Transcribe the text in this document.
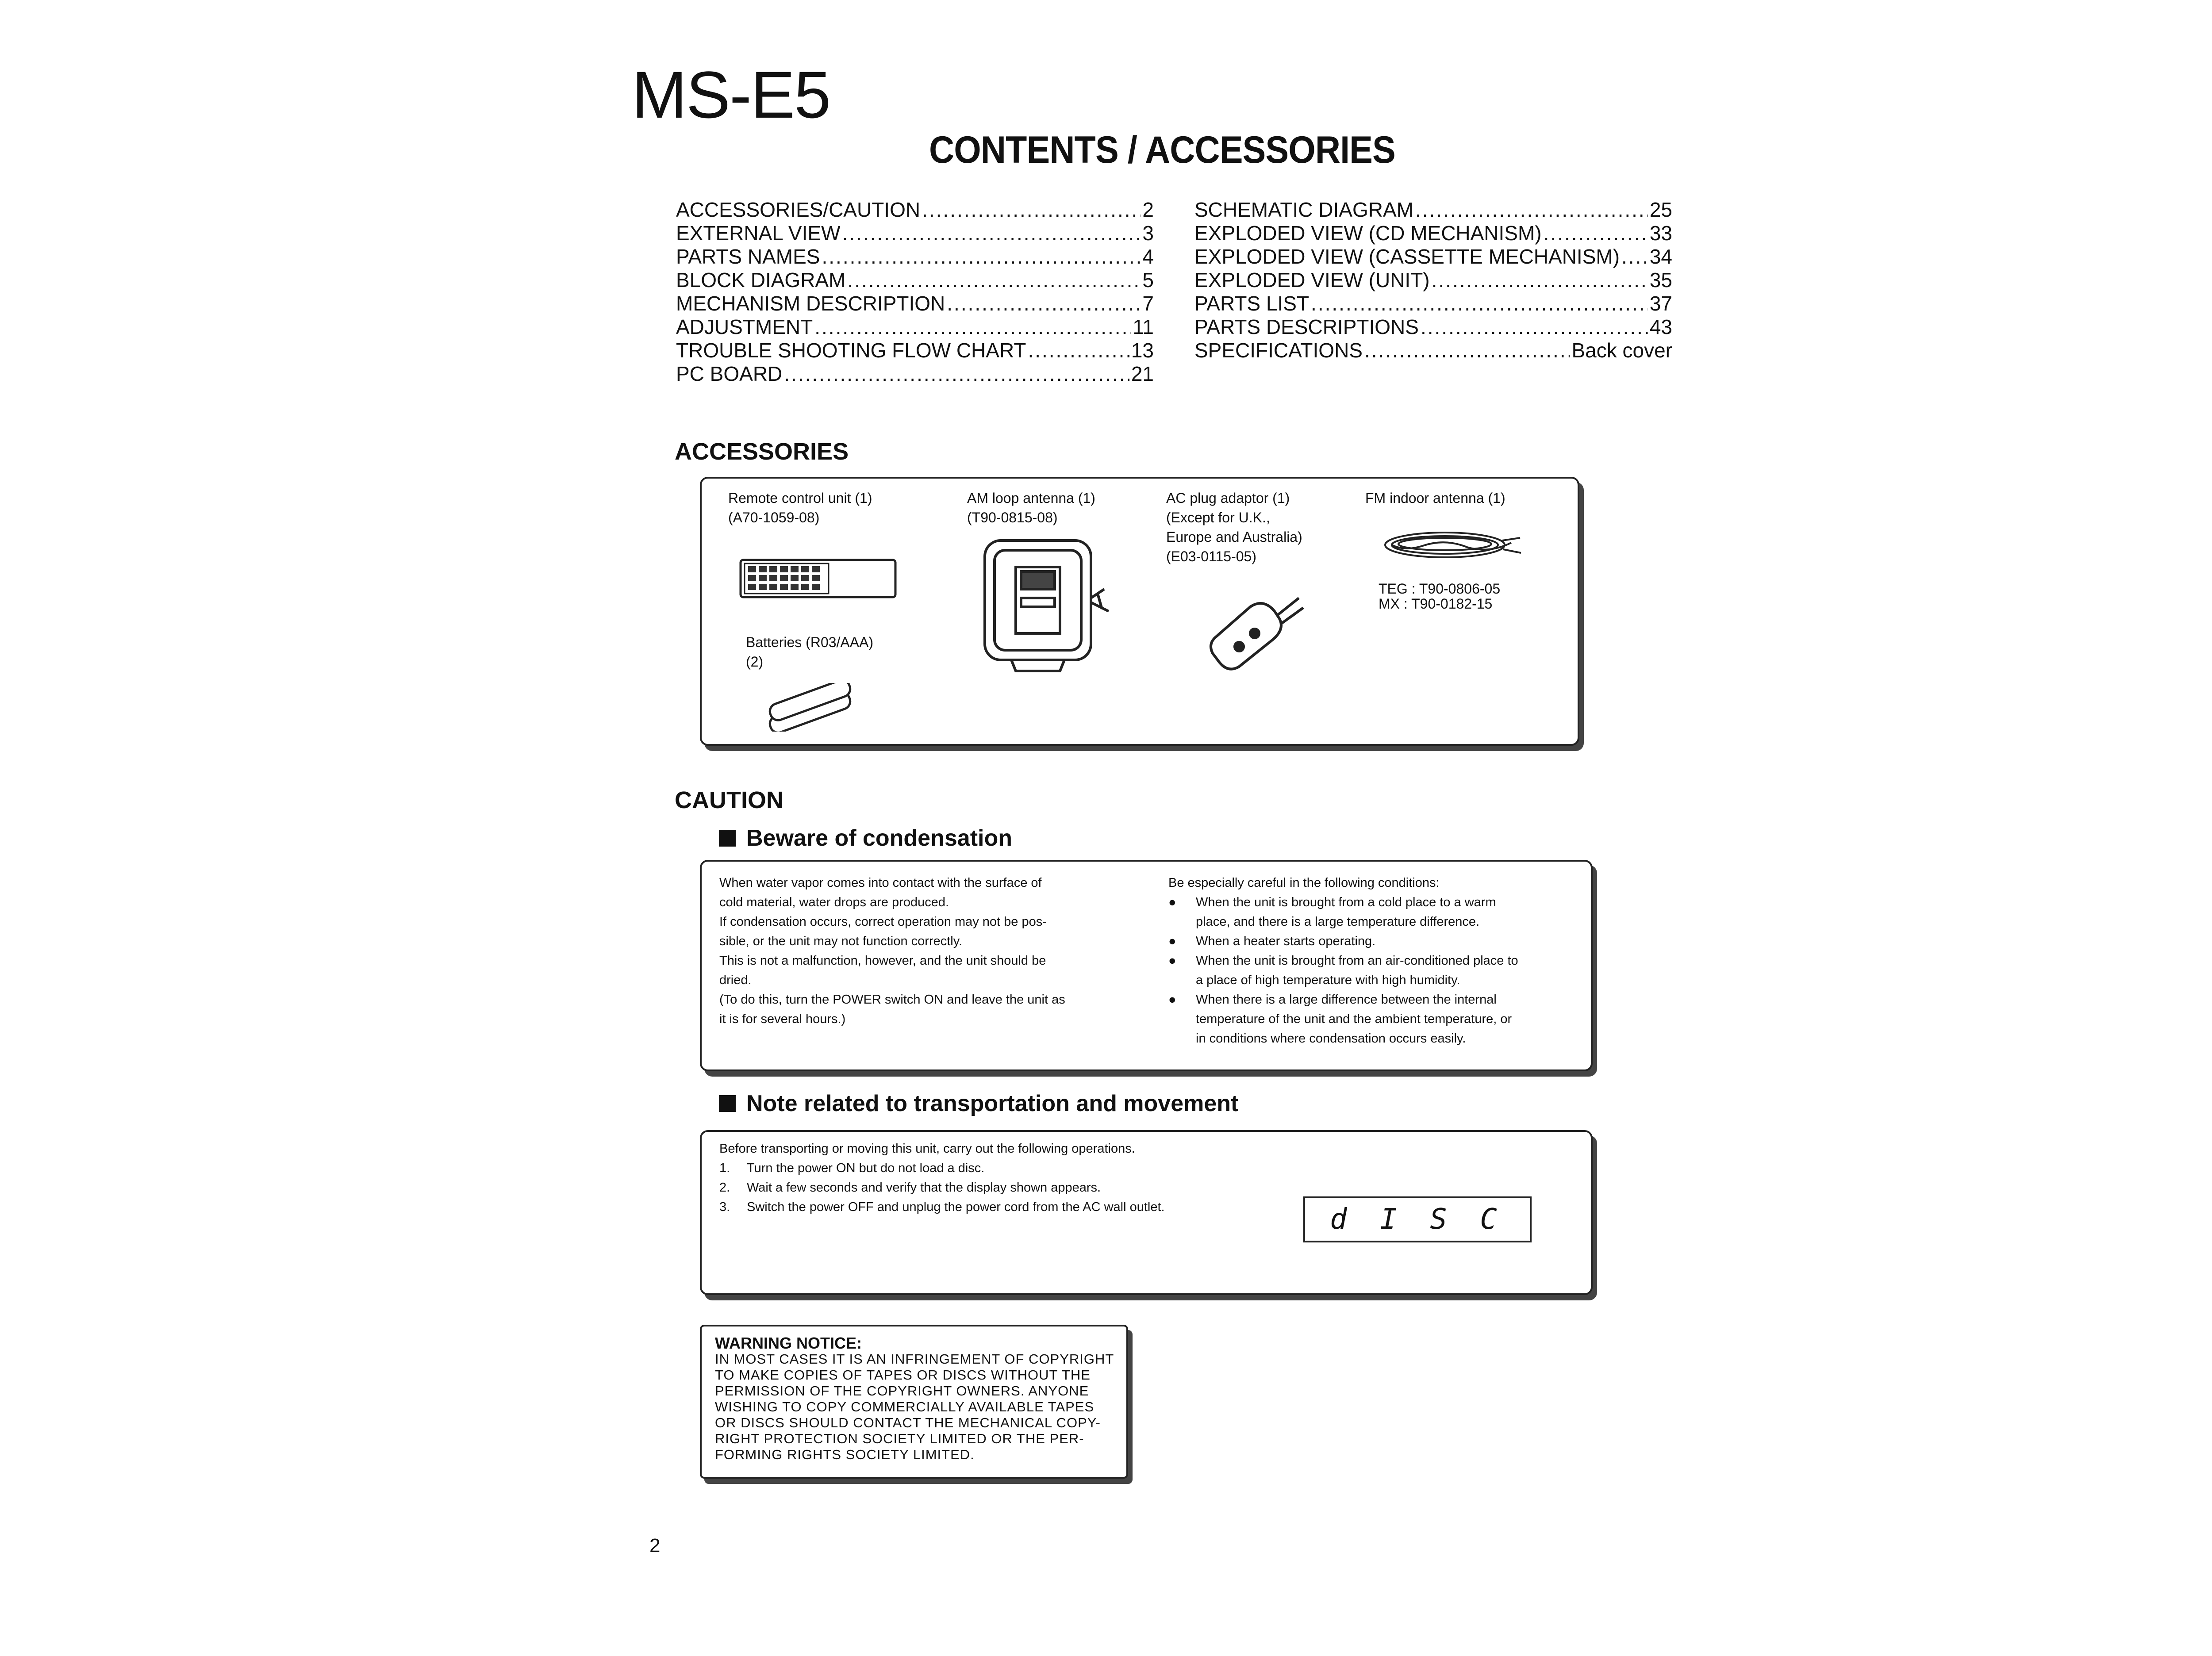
MS-E5
CONTENTS / ACCESSORIES
ACCESSORIES/CAUTION .....	2
EXTERNAL VIEW .....	3
PARTS NAMES .....	4
BLOCK DIAGRAM .....	5
MECHANISM DESCRIPTION .....	7
ADJUSTMENT .....	11
TROUBLE SHOOTING FLOW CHART .....	13
PC BOARD .....	21
SCHEMATIC DIAGRAM .....	25
EXPLODED VIEW (CD MECHANISM) .....	33
EXPLODED VIEW (CASSETTE MECHANISM) ..... 34
EXPLODED VIEW (UNIT) .....	35
PARTS LIST .....	37
PARTS DESCRIPTIONS .....	43
SPECIFICATIONS .....	Back cover
ACCESSORIES
Remote control unit (1)
(A70-1059-08)
Batteries (R03/AAA)
(2)
AM loop antenna (1)
(T90-0815-08)
AC plug adaptor (1)
(Except for U.K.,
Europe and Australia)
(E03-0115-05)
FM indoor antenna (1)
TEG : T90-0806-05
MX : T90-0182-15
CAUTION
Beware of condensation
When water vapor comes into contact with the surface of
cold material, water drops are produced.
If condensation occurs, correct operation may not be pos-
sible, or the unit may not function correctly.
This is not a malfunction, however, and the unit should be
dried.
(To do this, turn the POWER switch ON and leave the unit as
it is for several hours.)
Be especially careful in the following conditions:
●	When the unit is brought from a cold place to a warm
place, and there is a large temperature difference.
●	When a heater starts operating.
●	When the unit is brought from an air-conditioned place to
a place of high temperature with high humidity.
●	When there is a large difference between the internal
temperature of the unit and the ambient temperature, or
in conditions where condensation occurs easily.
Note related to transportation and movement
Before transporting or moving this unit, carry out the following operations.
1.	Turn the power ON but do not load a disc.
2.	Wait a few seconds and verify that the display shown appears.
3.	Switch the power OFF and unplug the power cord from the AC wall outlet.	d I S C
WARNING NOTICE:
IN MOST CASES IT IS AN INFRINGEMENT OF COPYRIGHT
TO MAKE COPIES OF TAPES OR DISCS WITHOUT THE
PERMISSION OF THE COPYRIGHT OWNERS. ANYONE
WISHING TO COPY COMMERCIALLY AVAILABLE TAPES
OR DISCS SHOULD CONTACT THE MECHANICAL COPY-
RIGHT PROTECTION SOCIETY LIMITED OR THE PER-
FORMING RIGHTS SOCIETY LIMITED.
2
